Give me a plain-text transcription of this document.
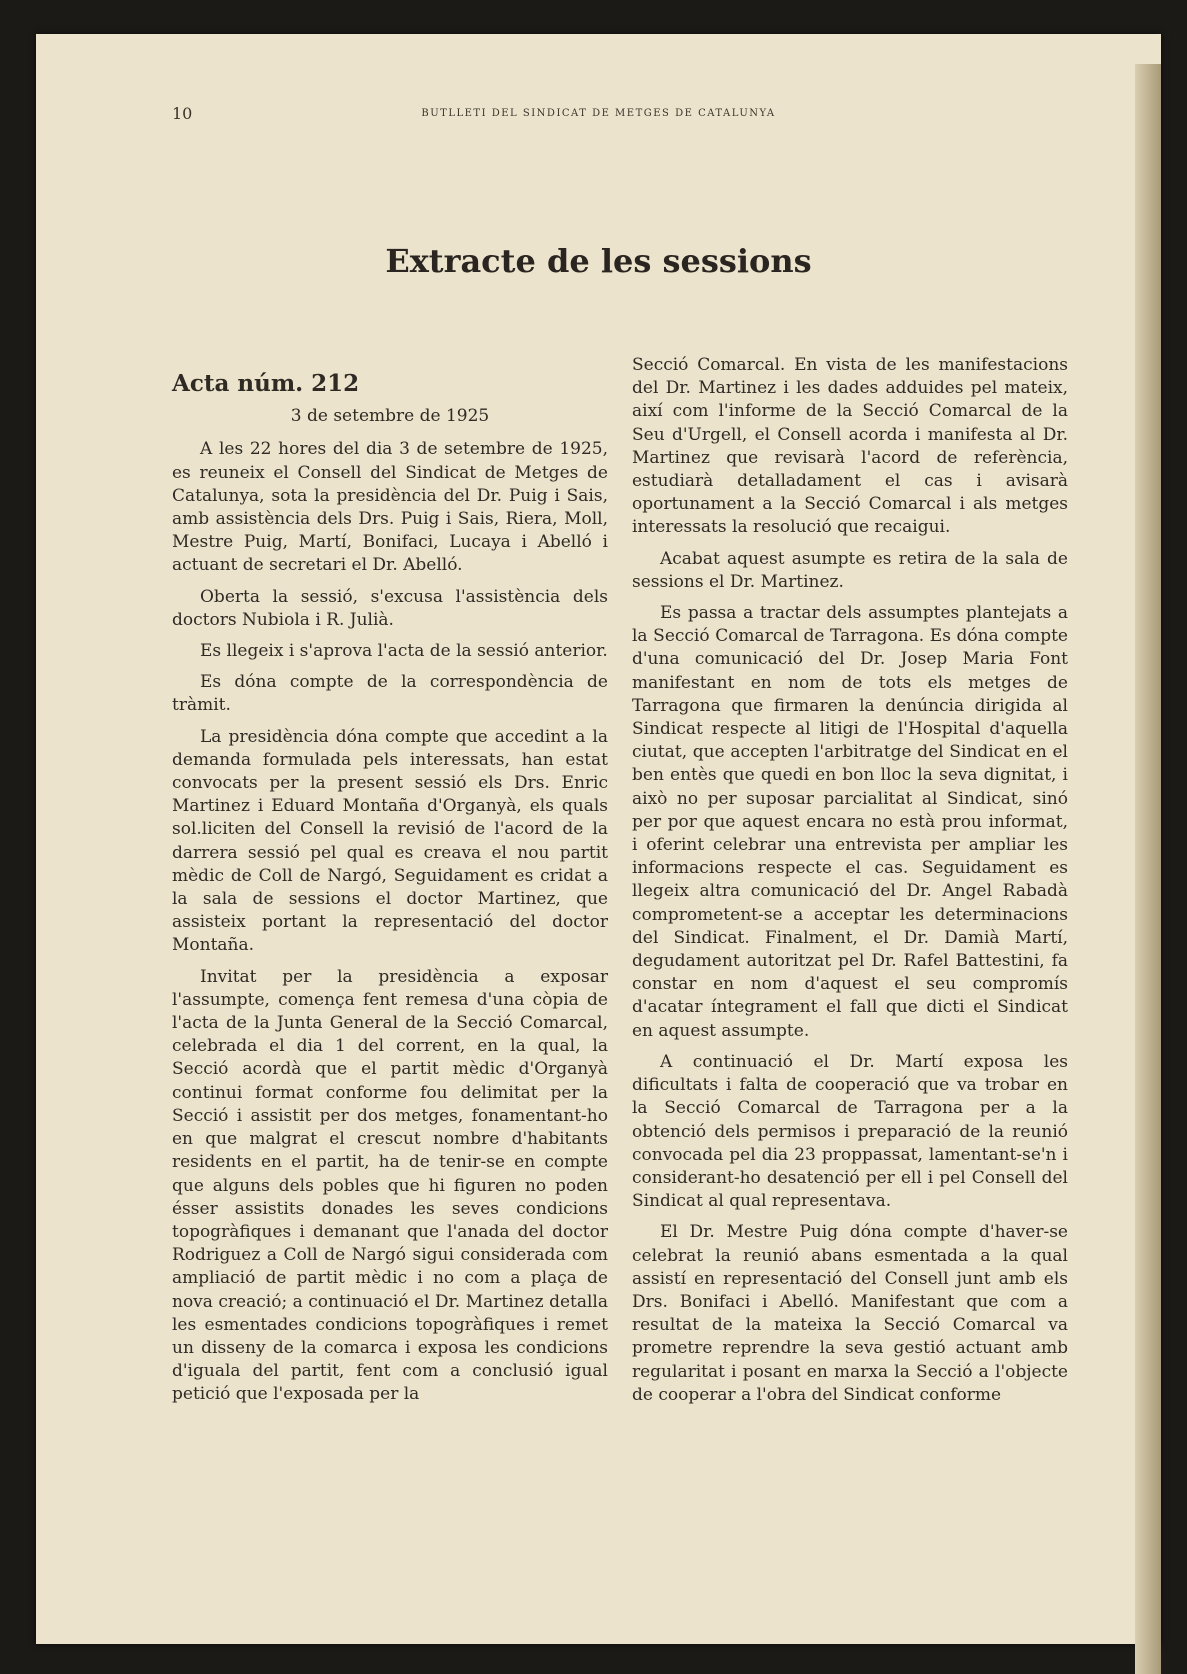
10	BUTLLETI DEL SINDICAT DE METGES DE CATALUNYA
Extracte de les sessions
Acta núm. 212
3 de setembre de 1925

A les 22 hores del dia 3 de setembre de 1925, es reuneix el Consell del Sindicat de Metges de Catalunya, sota la presidència del Dr. Puig i Sais, amb assistència dels Drs. Puig i Sais, Riera, Moll, Mestre Puig, Martí, Bonifaci, Lucaya i Abelló i actuant de secretari el Dr. Abelló.

Oberta la sessió, s'excusa l'assistència dels doctors Nubiola i R. Julià.

Es llegeix i s'aprova l'acta de la sessió anterior.

Es dóna compte de la correspondència de tràmit.

La presidència dóna compte que accedint a la demanda formulada pels interessats, han estat convocats per la present sessió els Drs. Enric Martinez i Eduard Montaña d'Organyà, els quals sol.liciten del Consell la revisió de l'acord de la darrera sessió pel qual es creava el nou partit mèdic de Coll de Nargó, Seguidament es cridat a la sala de sessions el doctor Martinez, que assisteix portant la representació del doctor Montaña.

Invitat per la presidència a exposar l'assumpte, comença fent remesa d'una còpia de l'acta de la Junta General de la Secció Comarcal, celebrada el dia 1 del corrent, en la qual, la Secció acordà que el partit mèdic d'Organyà continui format conforme fou delimitat per la Secció i assistit per dos metges, fonamentant-ho en que malgrat el crescut nombre d'habitants residents en el partit, ha de tenir-se en compte que alguns dels pobles que hi figuren no poden ésser assistits donades les seves condicions topogràfiques i demanant que l'anada del doctor Rodriguez a Coll de Nargó sigui considerada com ampliació de partit mèdic i no com a plaça de nova creació; a continuació el Dr. Martinez detalla les esmentades condicions topogràfiques i remet un disseny de la comarca i exposa les condicions d'iguala del partit, fent com a conclusió igual petició que l'exposada per la

Secció Comarcal. En vista de les manifestacions del Dr. Martinez i les dades adduides pel mateix, així com l'informe de la Secció Comarcal de la Seu d'Urgell, el Consell acorda i manifesta al Dr. Martinez que revisarà l'acord de referència, estudiarà detalladament el cas i avisarà oportunament a la Secció Comarcal i als metges interessats la resolució que recaigui.

Acabat aquest asumpte es retira de la sala de sessions el Dr. Martinez.

Es passa a tractar dels assumptes plantejats a la Secció Comarcal de Tarragona. Es dóna compte d'una comunicació del Dr. Josep Maria Font manifestant en nom de tots els metges de Tarragona que firmaren la denúncia dirigida al Sindicat respecte al litigi de l'Hospital d'aquella ciutat, que accepten l'arbitratge del Sindicat en el ben entès que quedi en bon lloc la seva dignitat, i això no per suposar parcialitat al Sindicat, sinó per por que aquest encara no està prou informat, i oferint celebrar una entrevista per ampliar les informacions respecte el cas. Seguidament es llegeix altra comunicació del Dr. Angel Rabadà comprometent-se a acceptar les determinacions del Sindicat. Finalment, el Dr. Damià Martí, degudament autoritzat pel Dr. Rafel Battestini, fa constar en nom d'aquest el seu compromís d'acatar íntegrament el fall que dicti el Sindicat en aquest assumpte.

A continuació el Dr. Martí exposa les dificultats i falta de cooperació que va trobar en la Secció Comarcal de Tarragona per a la obtenció dels permisos i preparació de la reunió convocada pel dia 23 proppassat, lamentant-se'n i considerant-ho desatenció per ell i pel Consell del Sindicat al qual representava.

El Dr. Mestre Puig dóna compte d'haver-se celebrat la reunió abans esmentada a la qual assistí en representació del Consell junt amb els Drs. Bonifaci i Abelló. Manifestant que com a resultat de la mateixa la Secció Comarcal va prometre reprendre la seva gestió actuant amb regularitat i posant en marxa la Secció a l'objecte de cooperar a l'obra del Sindicat conforme
